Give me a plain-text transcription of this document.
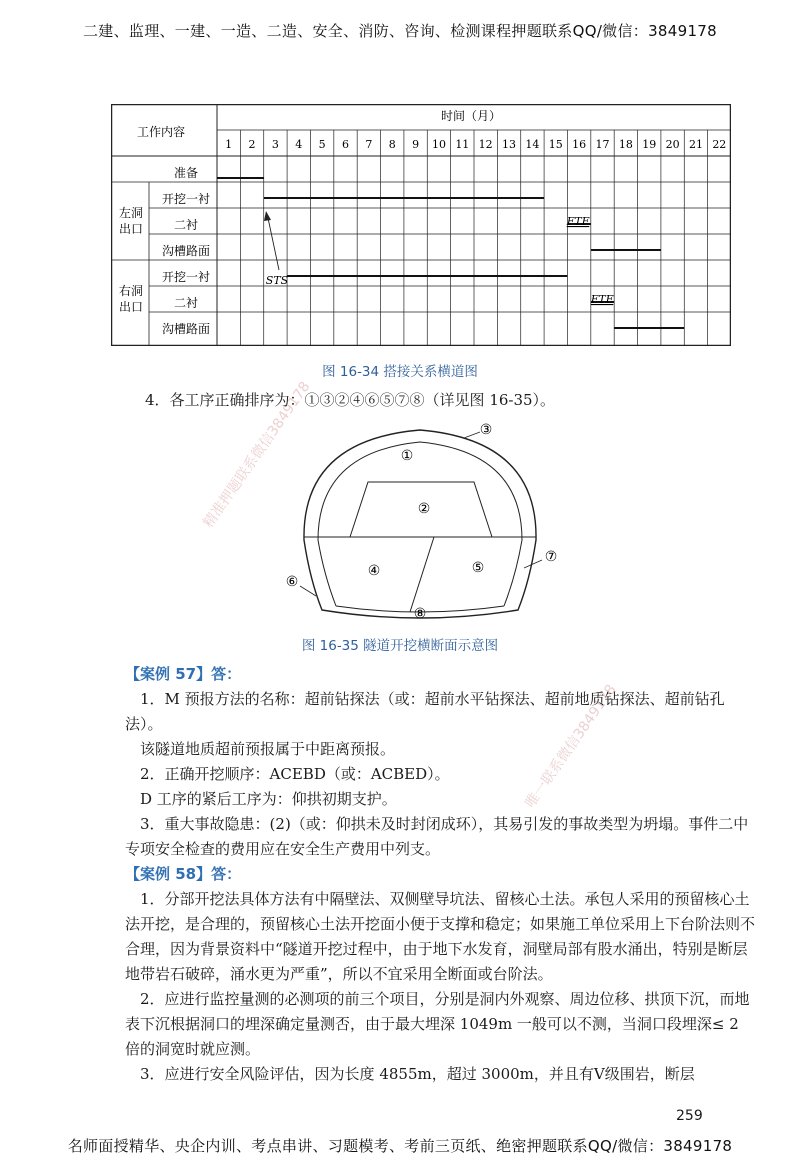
二建、监理、一建、一造、二造、安全、消防、咨询、检测课程押题联系QQ/微信：3849178
工作内容
时间（月）
1 2 3 4 5 6 7 8 9 10 11 12 13 14 15 16 17 18 19 20 21 22
准备
左洞
出口
开挖一衬
二衬
沟槽路面
右洞
出口
开挖一衬
二衬
沟槽路面
STS
FTF
FTF
图 16-34 搭接关系横道图
4．各工序正确排序为：①③②④⑥⑤⑦⑧（详见图 16-35）。
①
②
③
④	⑤
⑥
⑦
⑧
图 16-35 隧道开挖横断面示意图

【案例 57】答：

1．M 预报方法的名称：超前钻探法（或：超前水平钻探法、超前地质钻探法、超前钻孔法）。

该隧道地质超前预报属于中距离预报。

2．正确开挖顺序：ACEBD（或：ACBED）。

D 工序的紧后工序为：仰拱初期支护。

3．重大事故隐患：(2)（或：仰拱未及时封闭成环），其易引发的事故类型为坍塌。事件二中专项安全检查的费用应在安全生产费用中列支。

【案例 58】答：

1．分部开挖法具体方法有中隔壁法、双侧壁导坑法、留核心土法。承包人采用的预留核心土法开挖，是合理的，预留核心土法开挖面小便于支撑和稳定；如果施工单位采用上下台阶法则不合理，因为背景资料中“隧道开挖过程中，由于地下水发育，洞壁局部有股水涌出，特别是断层地带岩石破碎，涌水更为严重”，所以不宜采用全断面或台阶法。

2．应进行监控量测的必测项的前三个项目，分别是洞内外观察、周边位移、拱顶下沉，而地表下沉根据洞口的埋深确定量测否，由于最大埋深 1049m 一般可以不测，当洞口段埋深≤ 2 倍的洞宽时就应测。

3．应进行安全风险评估，因为长度 4855m，超过 3000m，并且有Ⅴ级围岩，断层

精准押题联系微信3849178
唯一联系微信3849178
259
名师面授精华、央企内训、考点串讲、习题模考、考前三页纸、绝密押题联系QQ/微信：3849178
